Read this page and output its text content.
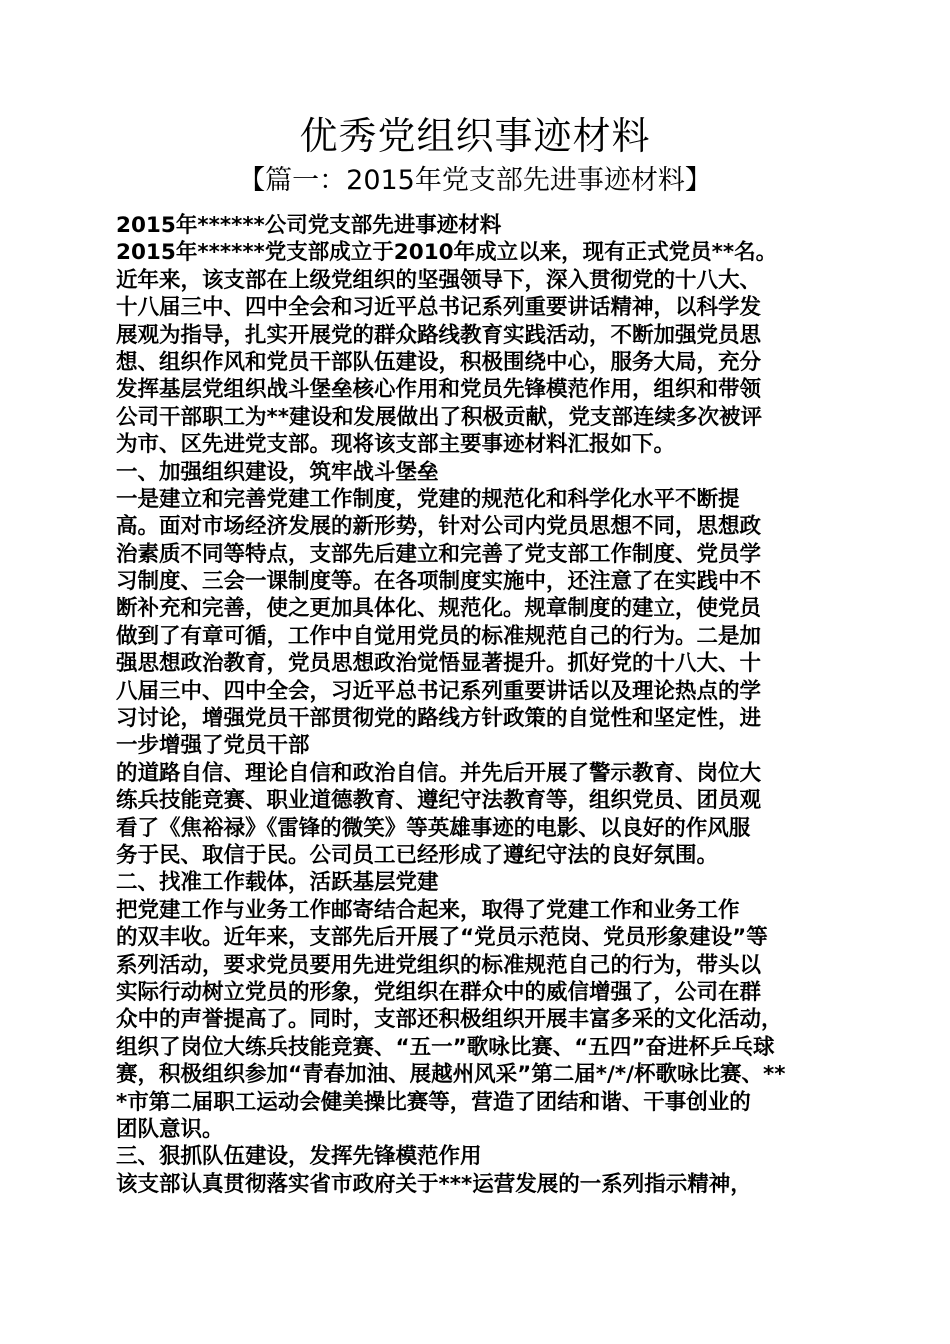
优秀党组织事迹材料
【篇一：2015年党支部先进事迹材料】
2015年******公司党支部先进事迹材料
2015年******党支部成立于2010年成立以来，现有正式党员**名。
近年来，该支部在上级党组织的坚强领导下，深入贯彻党的十八大、
十八届三中、四中全会和习近平总书记系列重要讲话精神，以科学发
展观为指导，扎实开展党的群众路线教育实践活动，不断加强党员思
想、组织作风和党员干部队伍建设，积极围绕中心，服务大局，充分
发挥基层党组织战斗堡垒核心作用和党员先锋模范作用，组织和带领
公司干部职工为**建设和发展做出了积极贡献，党支部连续多次被评
为市、区先进党支部。现将该支部主要事迹材料汇报如下。
一、加强组织建设，筑牢战斗堡垒
一是建立和完善党建工作制度，党建的规范化和科学化水平不断提
高。面对市场经济发展的新形势，针对公司内党员思想不同，思想政
治素质不同等特点，支部先后建立和完善了党支部工作制度、党员学
习制度、三会一课制度等。在各项制度实施中，还注意了在实践中不
断补充和完善，使之更加具体化、规范化。规章制度的建立，使党员
做到了有章可循，工作中自觉用党员的标准规范自己的行为。二是加
强思想政治教育，党员思想政治觉悟显著提升。抓好党的十八大、十
八届三中、四中全会，习近平总书记系列重要讲话以及理论热点的学
习讨论，增强党员干部贯彻党的路线方针政策的自觉性和坚定性，进
一步增强了党员干部
的道路自信、理论自信和政治自信。并先后开展了警示教育、岗位大
练兵技能竞赛、职业道德教育、遵纪守法教育等，组织党员、团员观
看了《焦裕禄》《雷锋的微笑》等英雄事迹的电影、以良好的作风服
务于民、取信于民。公司员工已经形成了遵纪守法的良好氛围。
二、找准工作载体，活跃基层党建
把党建工作与业务工作邮寄结合起来，取得了党建工作和业务工作
的双丰收。近年来，支部先后开展了“党员示范岗、党员形象建设”等
系列活动，要求党员要用先进党组织的标准规范自己的行为，带头以
实际行动树立党员的形象，党组织在群众中的威信增强了，公司在群
众中的声誉提高了。同时，支部还积极组织开展丰富多采的文化活动，
组织了岗位大练兵技能竞赛、“五一”歌咏比赛、“五四”奋进杯乒乓球
赛，积极组织参加“青春加油、展越州风采”第二届*/*/杯歌咏比赛、**
*市第二届职工运动会健美操比赛等，营造了团结和谐、干事创业的
团队意识。
三、狠抓队伍建设，发挥先锋模范作用
该支部认真贯彻落实省市政府关于***运营发展的一系列指示精神，
